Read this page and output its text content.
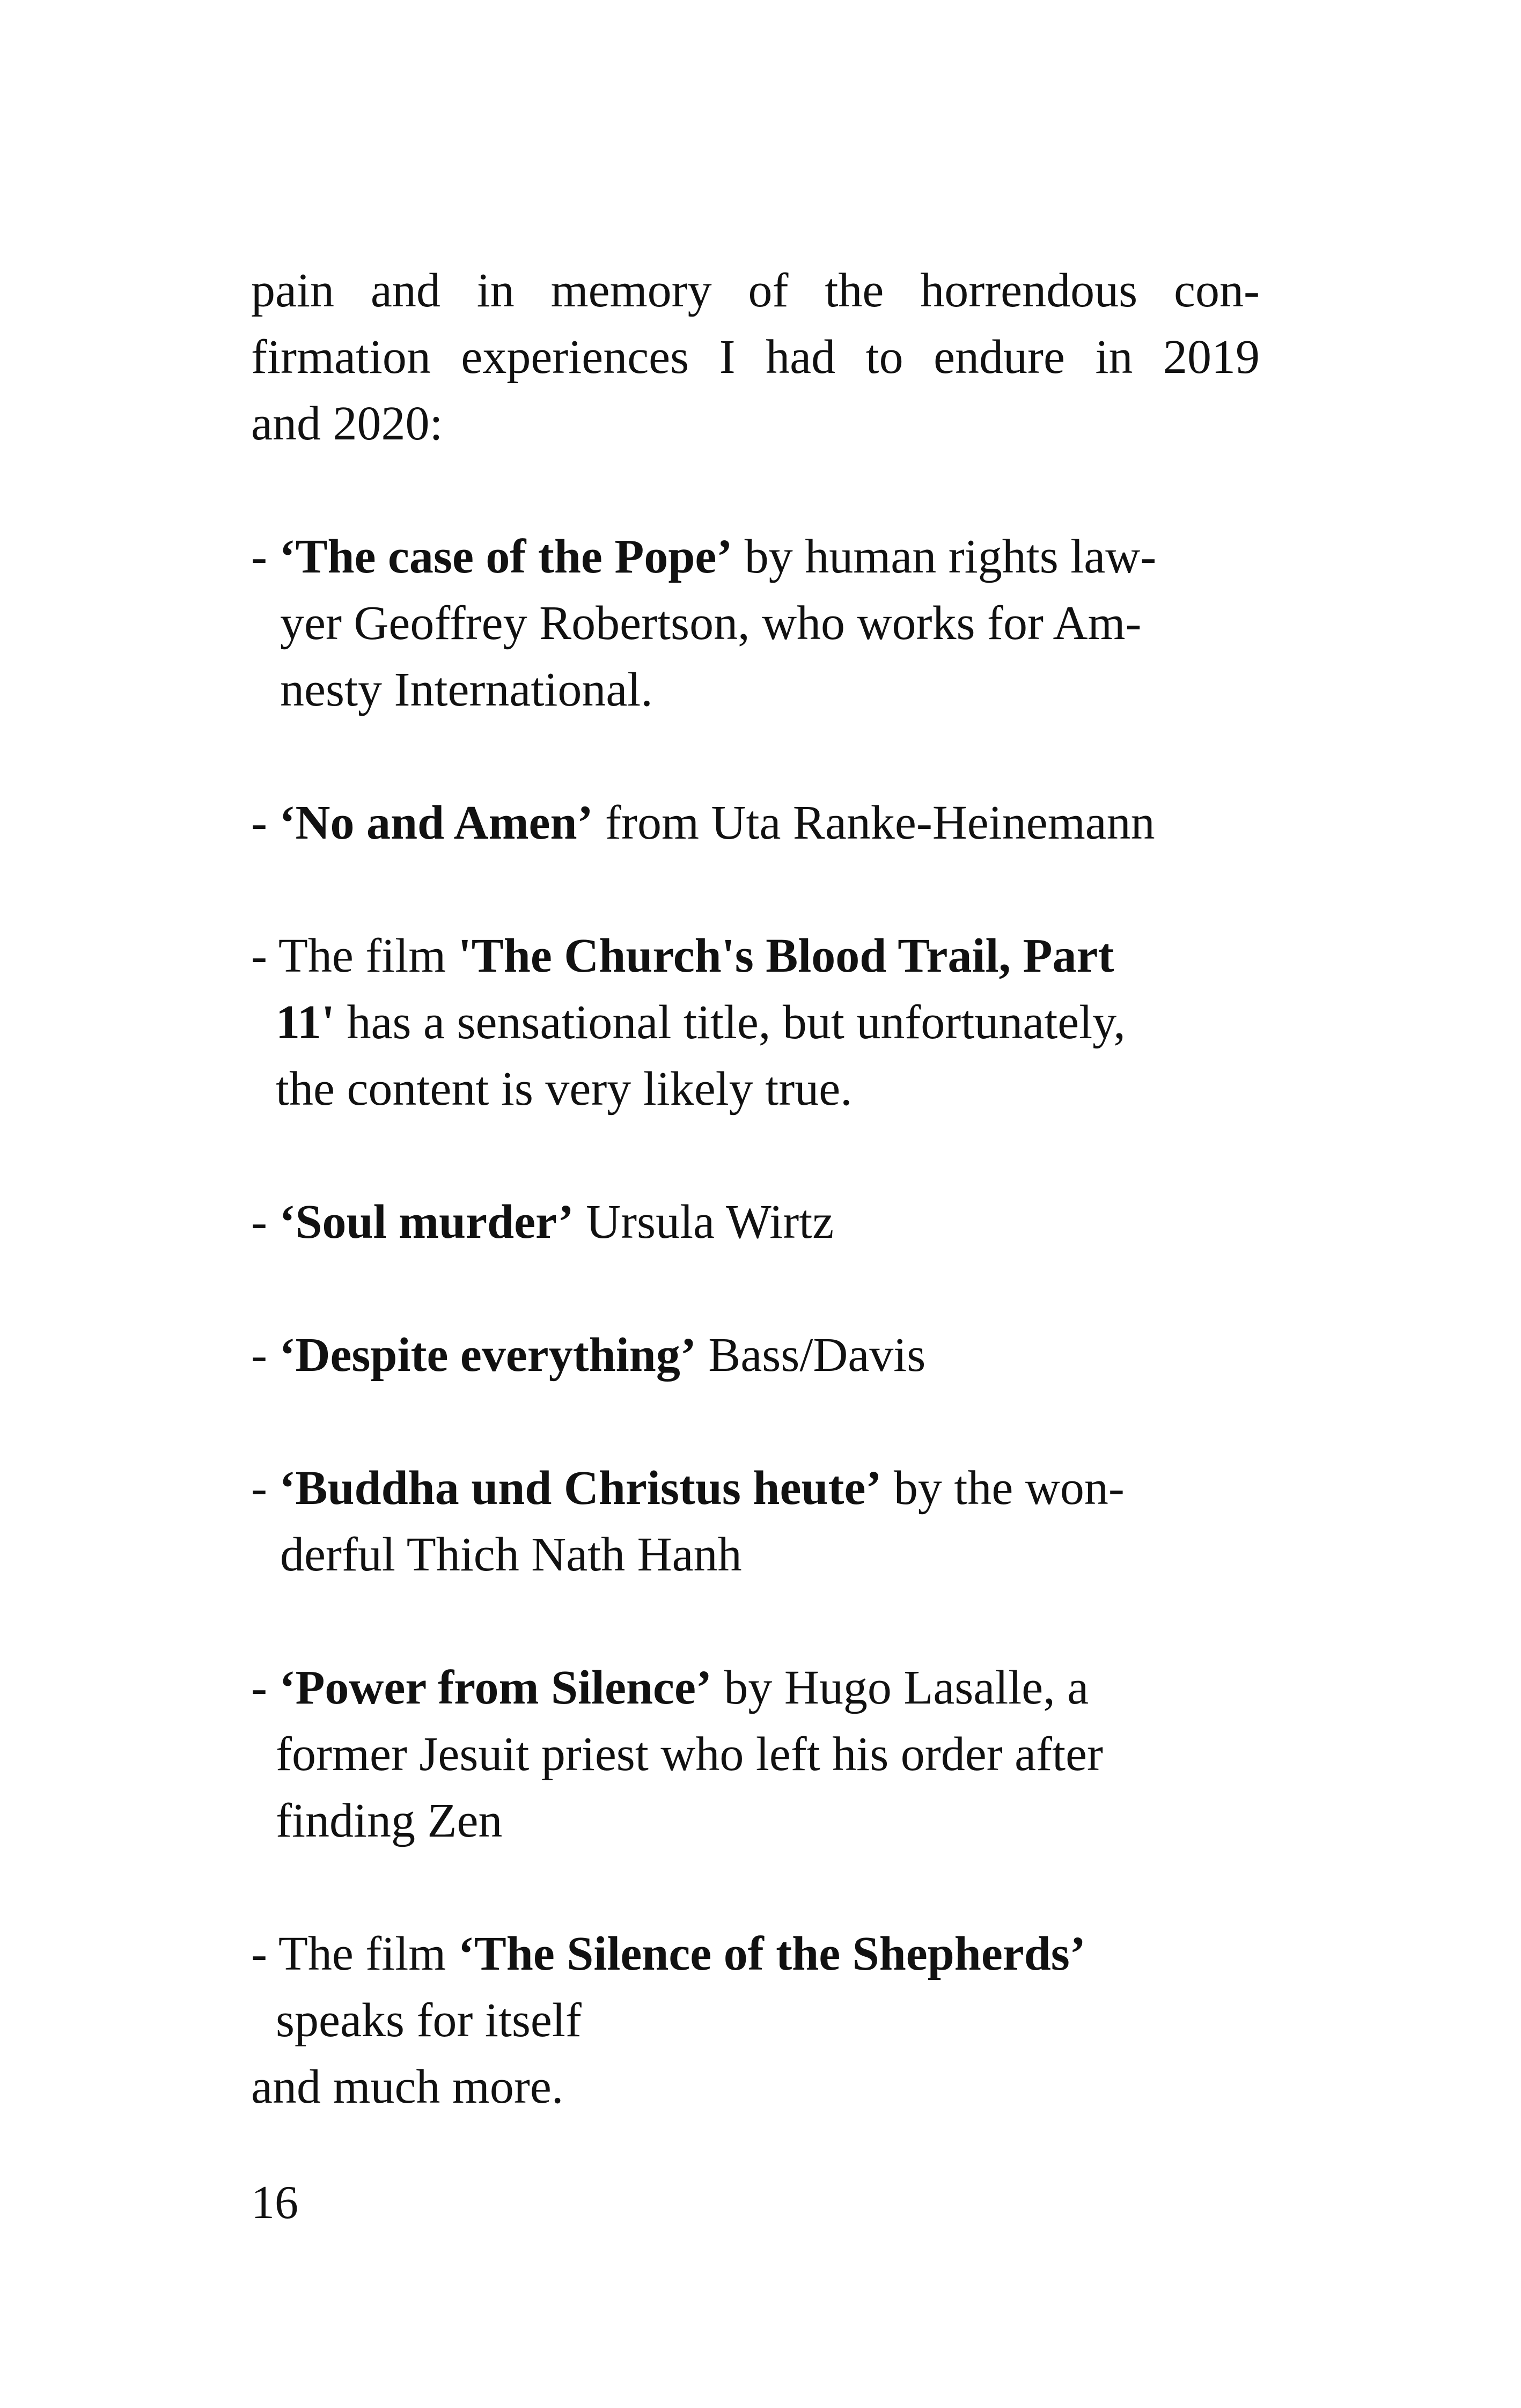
pain and in memory of the horrendous con-
firmation experiences I had to endure in 2019
and 2020:
- ‘The case of the Pope’ by human rights law-
yer Geoffrey Robertson, who works for Am-
nesty International.
- ‘No and Amen’ from Uta Ranke-Heinemann
- The film 'The Church's Blood Trail, Part
11' has a sensational title, but unfortunately,
the content is very likely true.
- ‘Soul murder’ Ursula Wirtz
- ‘Despite everything’ Bass/Davis
- ‘Buddha und Christus heute’ by the won-
derful Thich Nath Hanh
- ‘Power from Silence’ by Hugo Lasalle, a
former Jesuit priest who left his order after
finding Zen
- The film ‘The Silence of the Shepherds’
speaks for itself
and much more.
16
